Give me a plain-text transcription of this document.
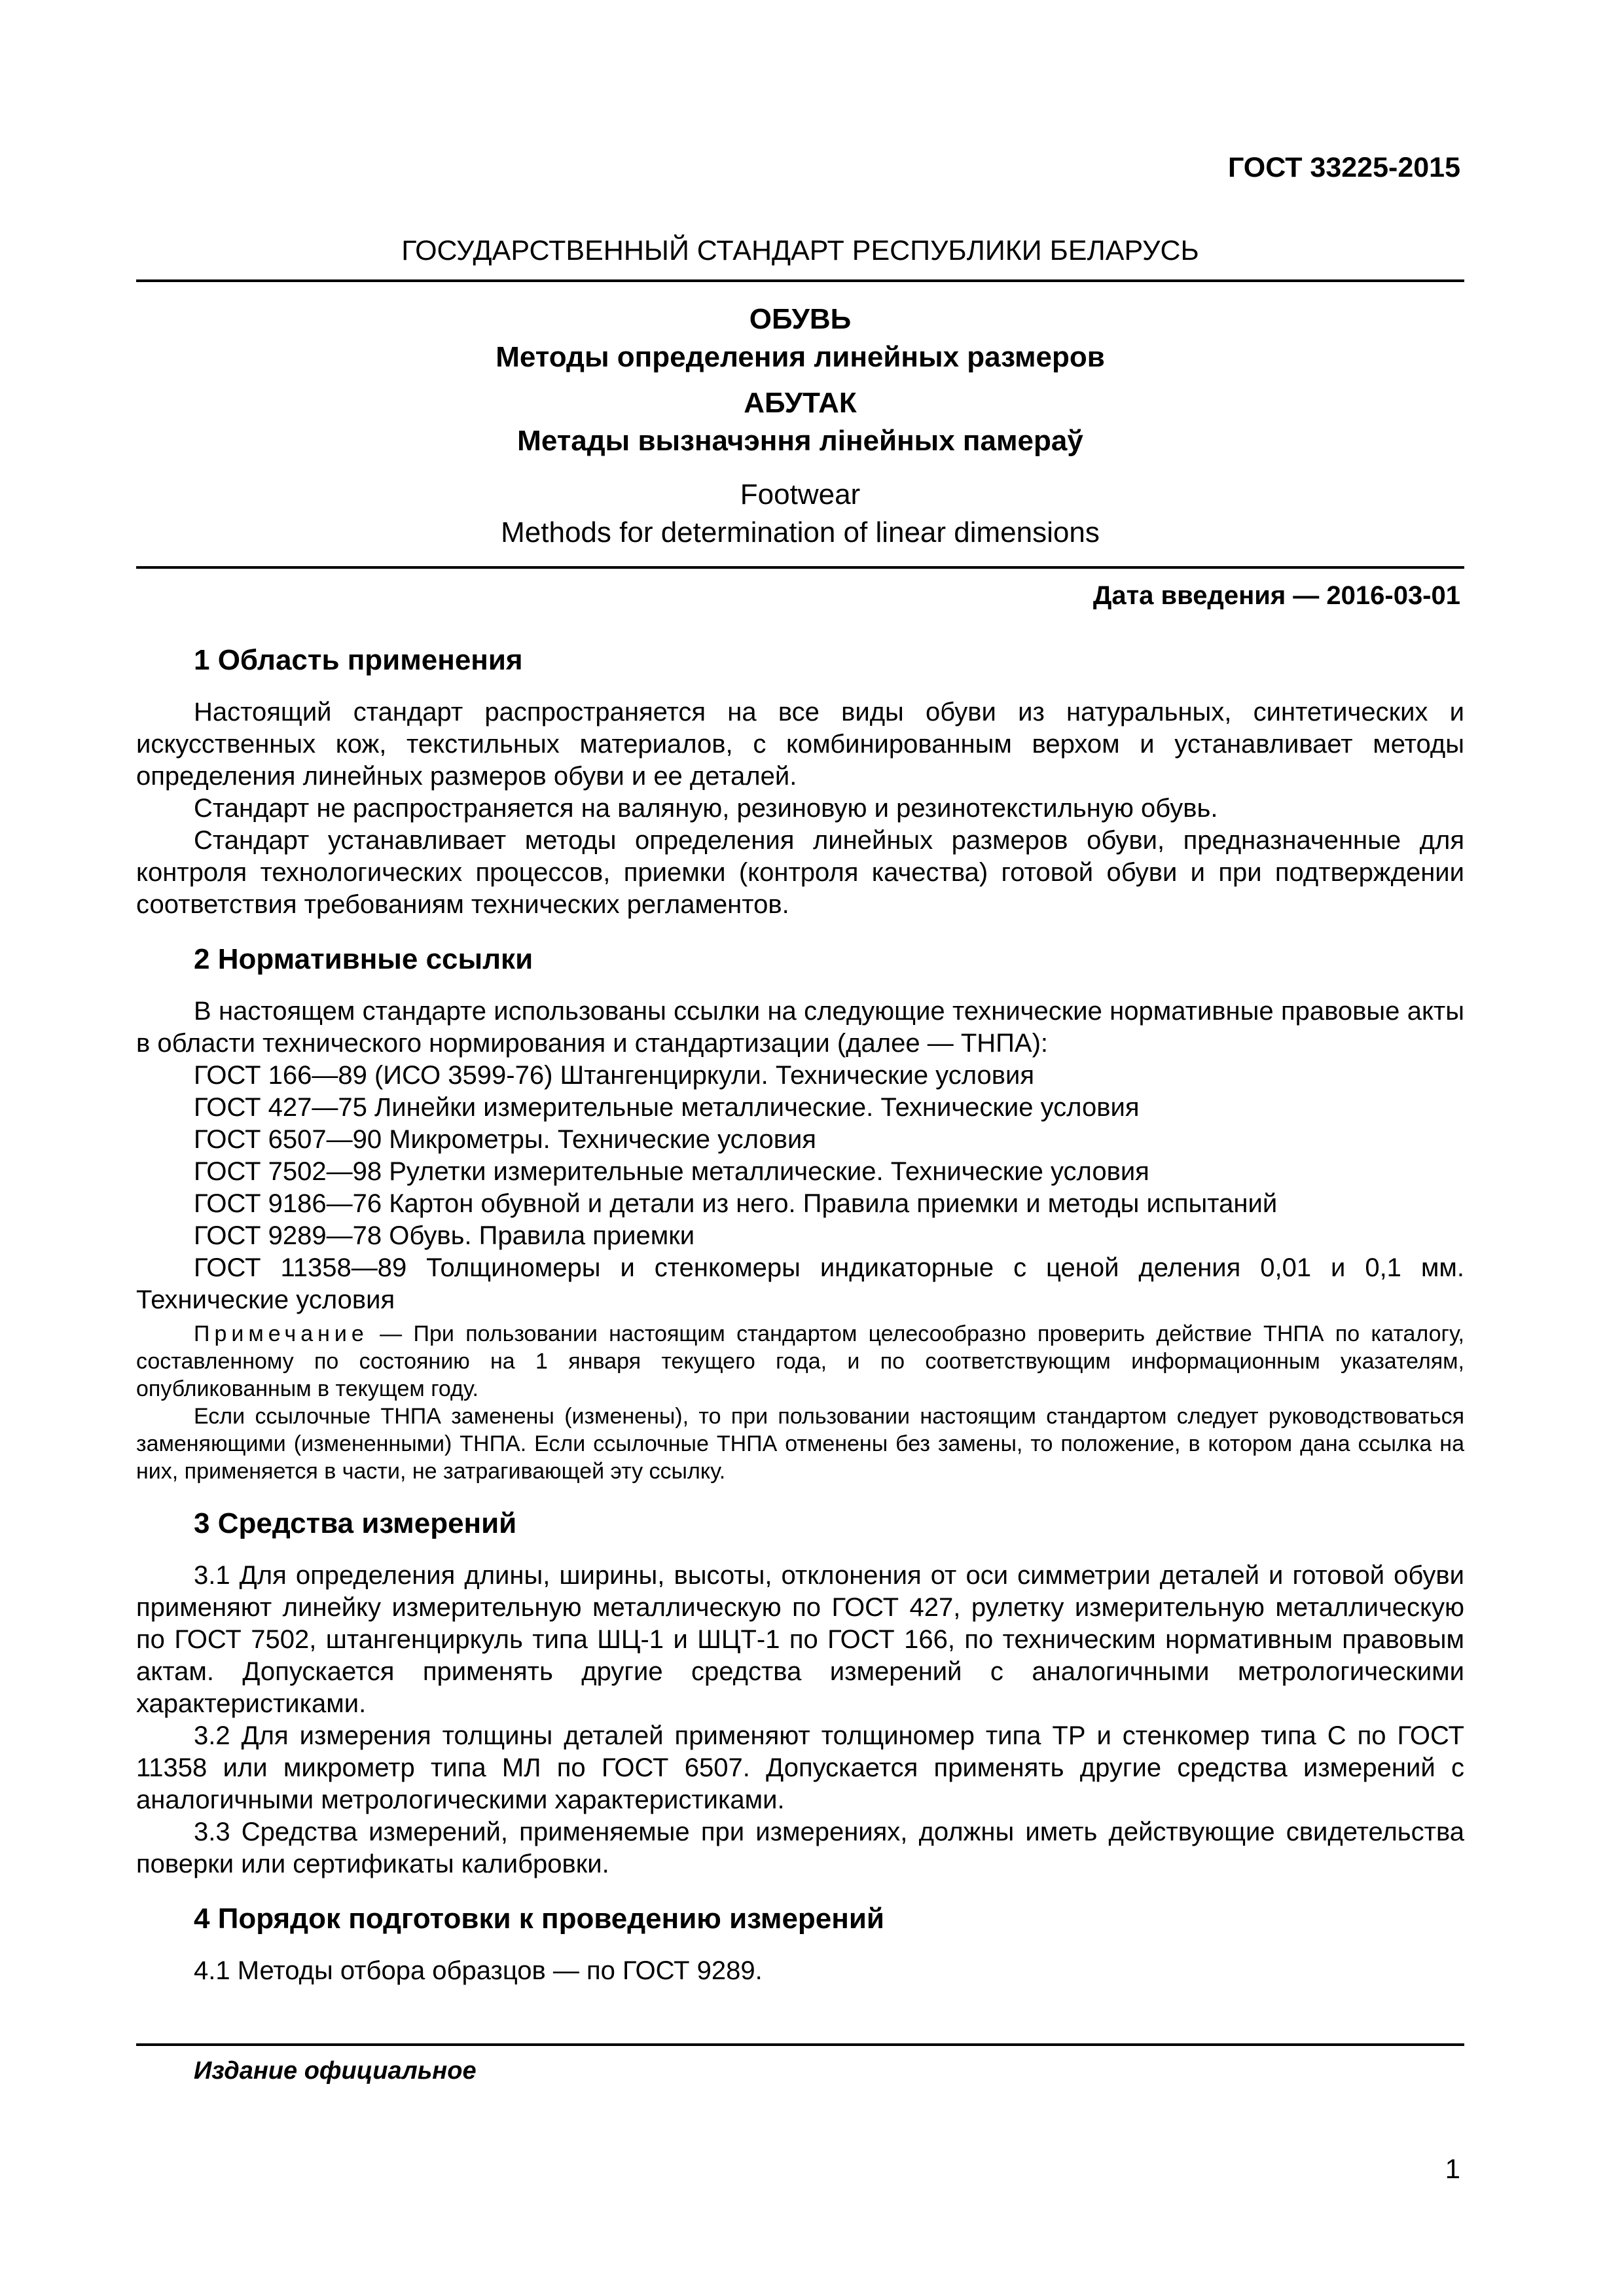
ГОСТ 33225-2015
ГОСУДАРСТВЕННЫЙ СТАНДАРТ РЕСПУБЛИКИ БЕЛАРУСЬ
ОБУВЬ
Методы определения линейных размеров
АБУТАК
Метады вызначэння лінейных памераў
Footwear
Methods for determination of linear dimensions
Дата введения — 2016-03-01
1 Область применения

Настоящий стандарт распространяется на все виды обуви из натуральных, синтетических и искусственных кож, текстильных материалов, с комбинированным верхом и устанавливает методы определения линейных размеров обуви и ее деталей.

Стандарт не распространяется на валяную, резиновую и резинотекстильную обувь.

Стандарт устанавливает методы определения линейных размеров обуви, предназначенные для контроля технологических процессов, приемки (контроля качества) готовой обуви и при подтверждении соответствия требованиям технических регламентов.

2 Нормативные ссылки

В настоящем стандарте использованы ссылки на следующие технические нормативные правовые акты в области технического нормирования и стандартизации (далее — ТНПА):

ГОСТ 166—89 (ИСО 3599-76) Штангенциркули. Технические условия
ГОСТ 427—75 Линейки измерительные металлические. Технические условия
ГОСТ 6507—90 Микрометры. Технические условия
ГОСТ 7502—98 Рулетки измерительные металлические. Технические условия
ГОСТ 9186—76 Картон обувной и детали из него. Правила приемки и методы испытаний
ГОСТ 9289—78 Обувь. Правила приемки
ГОСТ 11358—89 Толщиномеры и стенкомеры индикаторные с ценой деления 0,01 и 0,1 мм. Технические условия
Примечание — При пользовании настоящим стандартом целесообразно проверить действие ТНПА по каталогу, составленному по состоянию на 1 января текущего года, и по соответствующим информационным указателям, опубликованным в текущем году.
Если ссылочные ТНПА заменены (изменены), то при пользовании настоящим стандартом следует руководствоваться заменяющими (измененными) ТНПА. Если ссылочные ТНПА отменены без замены, то положение, в котором дана ссылка на них, применяется в части, не затрагивающей эту ссылку.
3 Средства измерений

3.1 Для определения длины, ширины, высоты, отклонения от оси симметрии деталей и готовой обуви применяют линейку измерительную металлическую по ГОСТ 427, рулетку измерительную металлическую по ГОСТ 7502, штангенциркуль типа ШЦ-1 и ШЦТ-1 по ГОСТ 166, по техническим нормативным правовым актам. Допускается применять другие средства измерений с аналогичными метрологическими характеристиками.

3.2 Для измерения толщины деталей применяют толщиномер типа ТР и стенкомер типа С по ГОСТ 11358 или микрометр типа МЛ по ГОСТ 6507. Допускается применять другие средства измерений с аналогичными метрологическими характеристиками.

3.3 Средства измерений, применяемые при измерениях, должны иметь действующие свидетельства поверки или сертификаты калибровки.

4 Порядок подготовки к проведению измерений

4.1 Методы отбора образцов — по ГОСТ 9289.

Издание официальное
1
